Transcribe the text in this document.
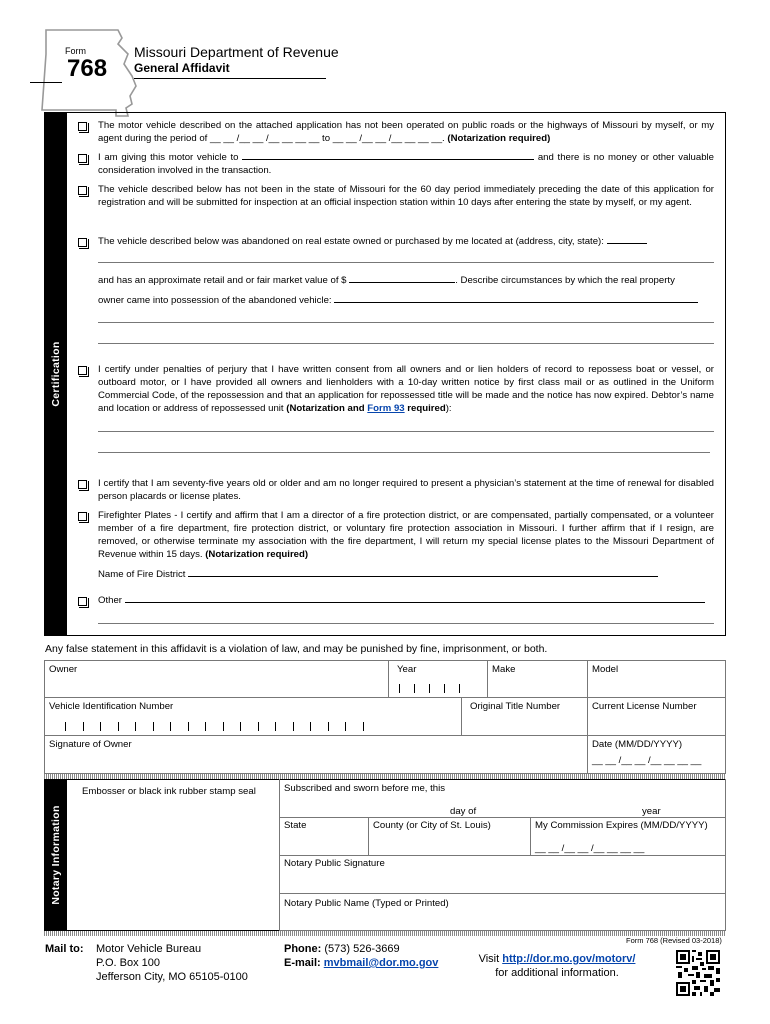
Form
768
Missouri Department of Revenue
General Affidavit
Certification
The motor vehicle described on the attached application has not been operated on public roads or the highways of Missouri by myself, or my agent during the period of __ __ /__ __ /__ __ __ __ to __ __ /__ __ /__ __ __ __. (Notarization required)
I am giving this motor vehicle to	and there is no money or other valuable consideration involved in the transaction.
The vehicle described below has not been in the state of Missouri for the 60 day period immediately preceding the date of this application for registration and will be submitted for inspection at an official inspection station within 10 days after entering the state by myself, or my agent.
The vehicle described below was abandoned on real estate owned or purchased by me located at (address, city, state):
and has an approximate retail and or fair market value of $	. Describe circumstances by which the real property
owner came into possession of the abandoned vehicle:
I certify under penalties of perjury that I have written consent from all owners and or lien holders of record to repossess boat or vessel, or outboard motor, or I have provided all owners and lienholders with a 10-day written notice by first class mail or as outlined in the Uniform Commercial Code, of the repossession and that an application for repossessed title will be made and the notice has now expired. Debtor’s name and location or address of repossessed unit (Notarization and Form 93 required):
I certify that I am seventy-five years old or older and am no longer required to present a physician’s statement at the time of renewal for disabled person placards or license plates.
Firefighter Plates - I certify and affirm that I am a director of a fire protection district, or are compensated, partially compensated, or a volunteer member of a fire department, fire protection district, or voluntary fire protection association in Missouri. I further affirm that if I resign, are removed, or otherwise terminate my association with the fire department, I will return my special license plates to the Missouri Department of Revenue within 15 days. (Notarization required)
Name of Fire District
Other
Any false statement in this affidavit is a violation of law, and may be punished by fine, imprisonment, or both.
Owner	Year	Make	Model
Vehicle Identification Number	Original Title Number	Current License Number
Signature of Owner	Date (MM/DD/YYYY)
__ __ /__ __ /__ __ __ __
Notary Information
Embosser or black ink rubber stamp seal	Subscribed and sworn before me, this
day of	year
State	County (or City of St. Louis)	My Commission Expires (MM/DD/YYYY)
__ __ /__ __ /__ __ __ __
Notary Public Signature
Notary Public Name (Typed or Printed)
Mail to: Motor Vehicle Bureau
P.O. Box 100
Jefferson City, MO 65105-0100
Phone: (573) 526-3669
E-mail: mvbmail@dor.mo.gov	Visit http://dor.mo.gov/motorv/
for additional information.
Form 768 (Revised 03-2018)
